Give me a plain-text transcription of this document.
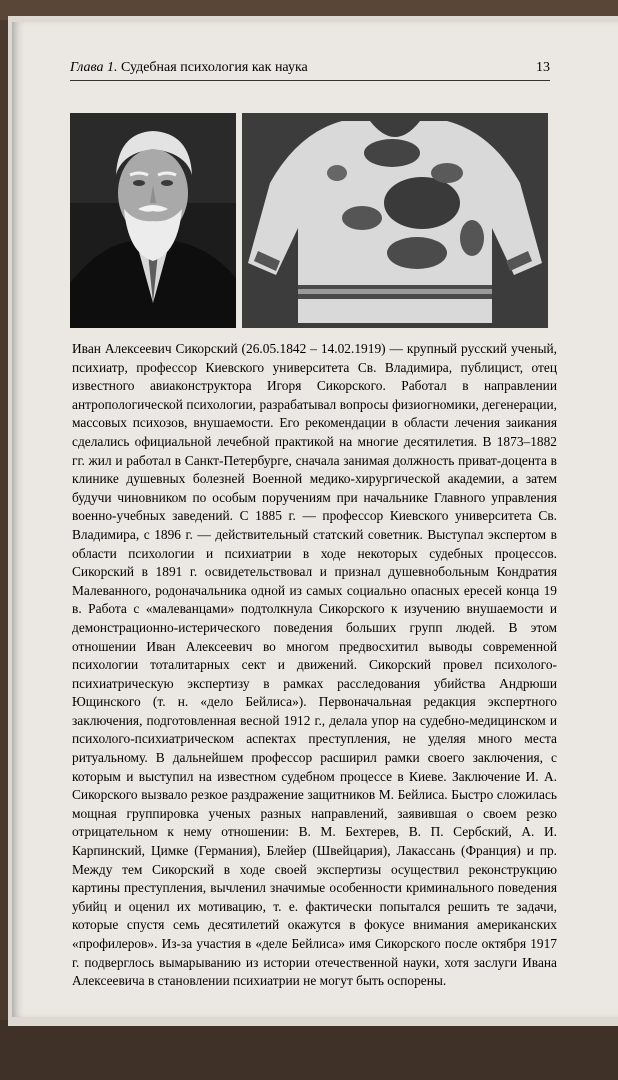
Глава 1. Судебная психология как наука	13

Иван Алексеевич Сикорский (26.05.1842 – 14.02.1919) — крупный русский ученый, психиатр, профессор Киевского университета Св. Владимира, публицист, отец известного авиаконструктора Игоря Сикорского. Работал в направлении антропологической психологии, разрабатывал вопросы физиогномики, дегенерации, массовых психозов, внушаемости. Его рекомендации в области лечения заикания сделались официальной лечебной практикой на многие десятилетия. В 1873–1882 гг. жил и работал в Санкт-Петербурге, сначала занимая должность приват-доцента в клинике душевных болезней Военной медико-хирургической академии, а затем будучи чиновником по особым поручениям при начальнике Главного управления военно-учебных заведений. С 1885 г. — профессор Киевского университета Св. Владимира, с 1896 г. — действительный статский советник. Выступал экспертом в области психологии и психиатрии в ходе некоторых судебных процессов. Сикорский в 1891 г. освидетельствовал и признал душевнобольным Кондратия Малеванного, родоначальника одной из самых социально опасных ересей конца 19 в. Работа с «малеванцами» подтолкнула Сикорского к изучению внушаемости и демонстрационно-истерического поведения больших групп людей. В этом отношении Иван Алексеевич во многом предвосхитил выводы современной психологии тоталитарных сект и движений. Сикорский провел психолого-психиатрическую экспертизу в рамках расследования убийства Андрюши Ющинского (т. н. «дело Бейлиса»). Первоначальная редакция экспертного заключения, подготовленная весной 1912 г., делала упор на судебно-медицинском и психолого-психиатрическом аспектах преступления, не уделяя много места ритуальному. В дальнейшем профессор расширил рамки своего заключения, с которым и выступил на известном судебном процессе в Киеве. Заключение И. А. Сикорского вызвало резкое раздражение защитников М. Бейлиса. Быстро сложилась мощная группировка ученых разных направлений, заявившая о своем резко отрицательном к нему отношении: В. М. Бехтерев, В. П. Сербский, А. И. Карпинский, Цимке (Германия), Блейер (Швейцария), Лакассань (Франция) и пр. Между тем Сикорский в ходе своей экспертизы осуществил реконструкцию картины преступления, вычленил значимые особенности криминального поведения убийц и оценил их мотивацию, т. е. фактически попытался решить те задачи, которые спустя семь десятилетий окажутся в фокусе внимания американских «профилеров». Из-за участия в «деле Бейлиса» имя Сикорского после октября 1917 г. подверглось вымарыванию из истории отечественной науки, хотя заслуги Ивана Алексеевича в становлении психиатрии не могут быть оспорены.
